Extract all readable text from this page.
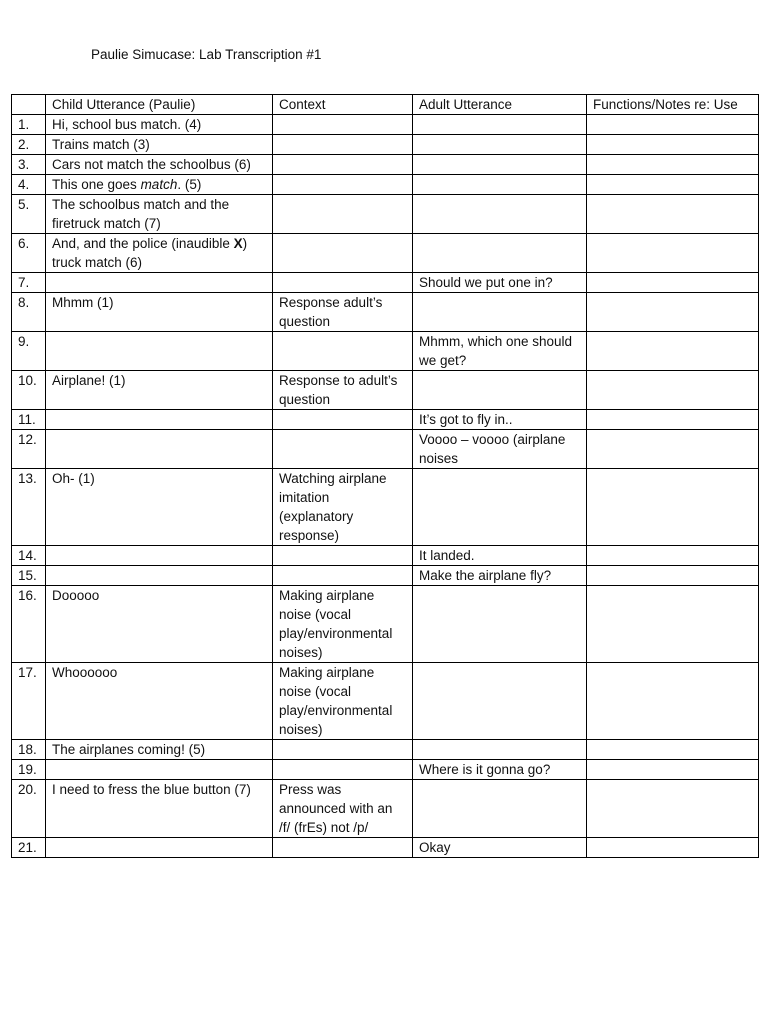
Paulie Simucase: Lab Transcription #1
	Child Utterance (Paulie)	Context	Adult Utterance	Functions/Notes re: Use
1.	Hi, school bus match. (4)			
2.	Trains match (3)			
3.	Cars not match the schoolbus (6)			
4.	This one goes match. (5)			
5.	The schoolbus match and the firetruck match (7)			
6.	And, and the police (inaudible X) truck match (6)			
7.			Should we put one in?	
8.	Mhmm (1)	Response adult’s question		
9.			Mhmm, which one should we get?	
10.	Airplane! (1)	Response to adult’s question		
11.			It’s got to fly in..	
12.			Voooo – voooo (airplane noises	
13.	Oh- (1)	Watching airplane imitation (explanatory response)		
14.			It landed.	
15.			Make the airplane fly?	
16.	Dooooo	Making airplane noise (vocal play/environmental noises)		
17.	Whoooooo	Making airplane noise (vocal play/environmental noises)		
18.	The airplanes coming! (5)			
19.			Where is it gonna go?	
20.	I need to fress the blue button (7)	Press was announced with an /f/ (frEs) not /p/		
21.			Okay	
